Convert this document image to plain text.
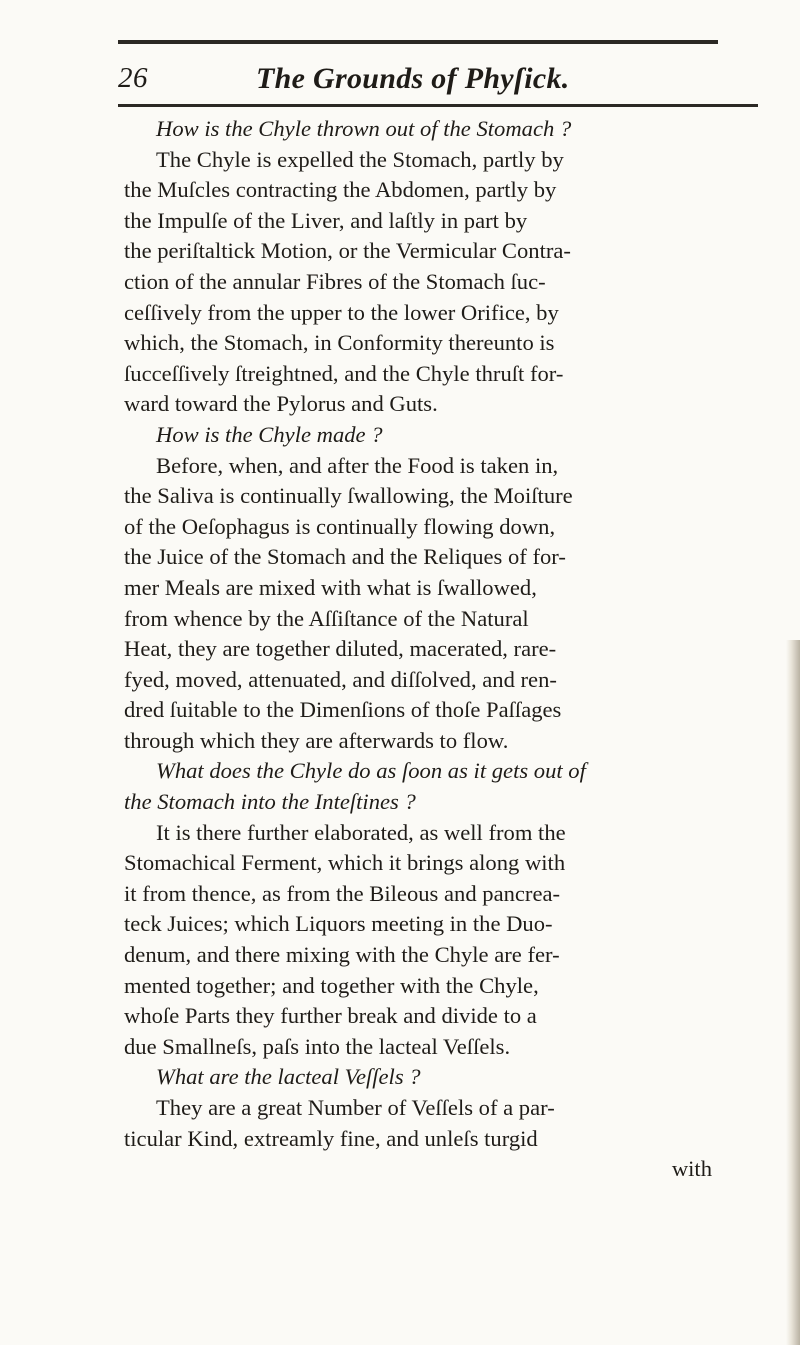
26	The Grounds of Phyſick.
How is the Chyle thrown out of the Stomach ?
The Chyle is expelled the Stomach, partly by
the Muſcles contracting the Abdomen, partly by
the Impulſe of the Liver, and laſtly in part by
the periſtaltick Motion, or the Vermicular Contra-
ction of the annular Fibres of the Stomach ſuc-
ceſſively from the upper to the lower Orifice, by
which, the Stomach, in Conformity thereunto is
ſucceſſively ſtreightned, and the Chyle thruſt for-
ward toward the Pylorus and Guts.
How is the Chyle made ?
Before, when, and after the Food is taken in,
the Saliva is continually ſwallowing, the Moiſture
of the Oeſophagus is continually flowing down,
the Juice of the Stomach and the Reliques of for-
mer Meals are mixed with what is ſwallowed,
from whence by the Aſſiſtance of the Natural
Heat, they are together diluted, macerated, rare-
fyed, moved, attenuated, and diſſolved, and ren-
dred ſuitable to the Dimenſions of thoſe Paſſages
through which they are afterwards to flow.
What does the Chyle do as ſoon as it gets out of
the Stomach into the Inteſtines ?
It is there further elaborated, as well from the
Stomachical Ferment, which it brings along with
it from thence, as from the Bileous and pancrea-
teck Juices; which Liquors meeting in the Duo-
denum, and there mixing with the Chyle are fer-
mented together; and together with the Chyle,
whoſe Parts they further break and divide to a
due Smallneſs, paſs into the lacteal Veſſels.
What are the lacteal Veſſels ?
They are a great Number of Veſſels of a par-
ticular Kind, extreamly fine, and unleſs turgid
with
